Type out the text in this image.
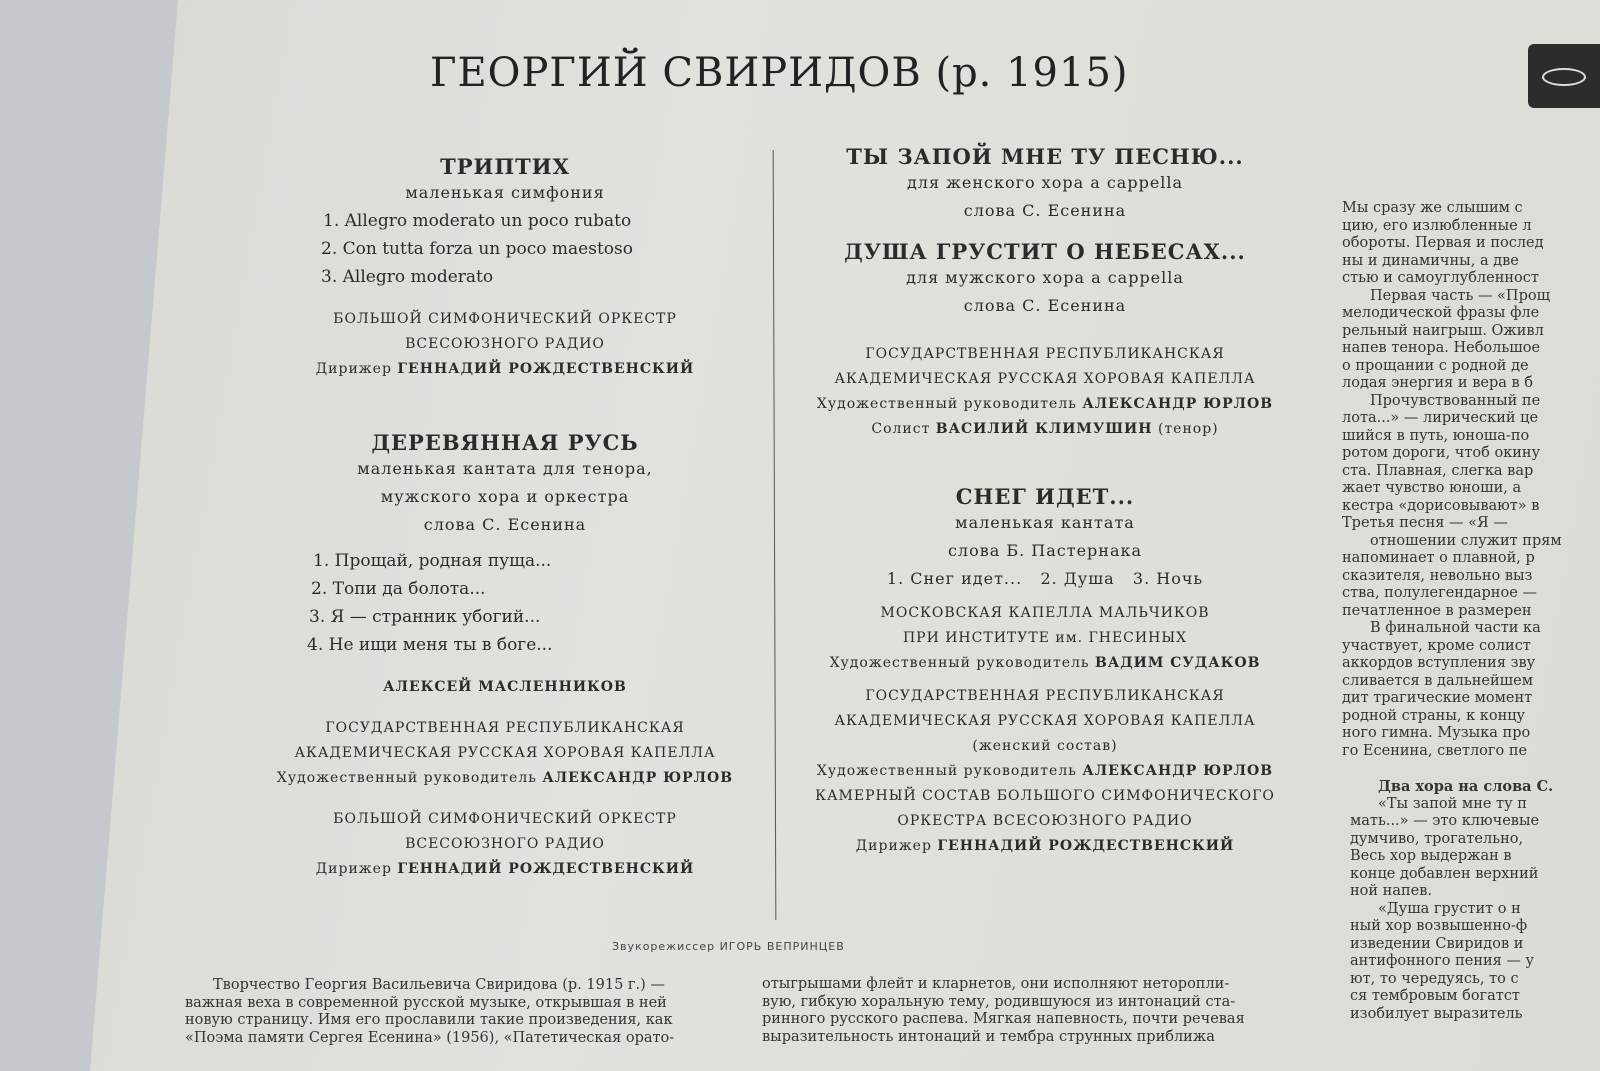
ГЕОРГИЙ СВИРИДОВ (р. 1915)
ТРИПТИХ
маленькая симфония
1. Allegro moderato un poco rubato
2. Con tutta forza un poco maestoso
3. Allegro moderato
БОЛЬШОЙ СИМФОНИЧЕСКИЙ ОРКЕСТР
ВСЕСОЮЗНОГО РАДИО
Дирижер ГЕННАДИЙ РОЖДЕСТВЕНСКИЙ
ДЕРЕВЯННАЯ РУСЬ
маленькая кантата для тенора,
мужского хора и оркестра
слова С. Есенина
1. Прощай, родная пуща...
2. Топи да болота...
3. Я — странник убогий...
4. Не ищи меня ты в боге...
АЛЕКСЕЙ МАСЛЕННИКОВ
ГОСУДАРСТВЕННАЯ РЕСПУБЛИКАНСКАЯ
АКАДЕМИЧЕСКАЯ РУССКАЯ ХОРОВАЯ КАПЕЛЛА
Художественный руководитель АЛЕКСАНДР ЮРЛОВ
БОЛЬШОЙ СИМФОНИЧЕСКИЙ ОРКЕСТР
ВСЕСОЮЗНОГО РАДИО
Дирижер ГЕННАДИЙ РОЖДЕСТВЕНСКИЙ
ТЫ ЗАПОЙ МНЕ ТУ ПЕСНЮ...
для женского хора a cappella
слова С. Есенина
ДУША ГРУСТИТ О НЕБЕСАХ...
для мужского хора a cappella
слова С. Есенина
ГОСУДАРСТВЕННАЯ РЕСПУБЛИКАНСКАЯ
АКАДЕМИЧЕСКАЯ РУССКАЯ ХОРОВАЯ КАПЕЛЛА
Художественный руководитель АЛЕКСАНДР ЮРЛОВ
Солист ВАСИЛИЙ КЛИМУШИН (тенор)
СНЕГ ИДЕТ...
маленькая кантата
слова Б. Пастернака
1. Снег идет...   2. Душа   3. Ночь
МОСКОВСКАЯ КАПЕЛЛА МАЛЬЧИКОВ
ПРИ ИНСТИТУТЕ им. ГНЕСИНЫХ
Художественный руководитель ВАДИМ СУДАКОВ
ГОСУДАРСТВЕННАЯ РЕСПУБЛИКАНСКАЯ
АКАДЕМИЧЕСКАЯ РУССКАЯ ХОРОВАЯ КАПЕЛЛА
(женский состав)
Художественный руководитель АЛЕКСАНДР ЮРЛОВ
КАМЕРНЫЙ СОСТАВ БОЛЬШОГО СИМФОНИЧЕСКОГО
ОРКЕСТРА ВСЕСОЮЗНОГО РАДИО
Дирижер ГЕННАДИЙ РОЖДЕСТВЕНСКИЙ
Звукорежиссер ИГОРЬ ВЕПРИНЦЕВ

Творчество Георгия Васильевича Свиридова (р. 1915 г.) —

важная веха в современной русской музыке, открывшая в ней

новую страницу. Имя его прославили такие произведения, как

«Поэма памяти Сергея Есенина» (1956), «Патетическая орато-

отыгрышами флейт и кларнетов, они исполняют неторопли-

вую, гибкую хоральную тему, родившуюся из интонаций ста-

ринного русского распева. Мягкая напевность, почти речевая

выразительность интонаций и тембра струнных приближа

Мы сразу же слышим с

цию, его излюбленные л

обороты. Первая и послед

ны и динамичны, а две

стью и самоуглубленност

Первая часть — «Прощ

мелодической фразы фле

рельный наигрыш. Оживл

напев тенора. Небольшое

о прощании с родной де

лодая энергия и вера в б

Прочувствованный пе

лота...» — лирический це

шийся в путь, юноша-по

ротом дороги, чтоб окину

ста. Плавная, слегка вар

жает чувство юноши, а

кестра «дорисовывают» в

Третья песня — «Я —

отношении служит прям

напоминает о плавной, р

сказителя, невольно выз

ства, полулегендарное —

печатленное в размерен

В финальной части ка

участвует, кроме солист

аккордов вступления зву

сливается в дальнейшем

дит трагические момент

родной страны, к концу

ного гимна. Музыка про

го Есенина, светлого пе

Два хора на слова С.

«Ты запой мне ту п

мать...» — это ключевые

думчиво, трогательно,

Весь хор выдержан в

конце добавлен верхний

ной напев.

«Душа грустит о н

ный хор возвышенно-ф

изведении Свиридов и

антифонного пения — у

ют, то чередуясь, то с

ся тембровым богатст

изобилует выразитель
